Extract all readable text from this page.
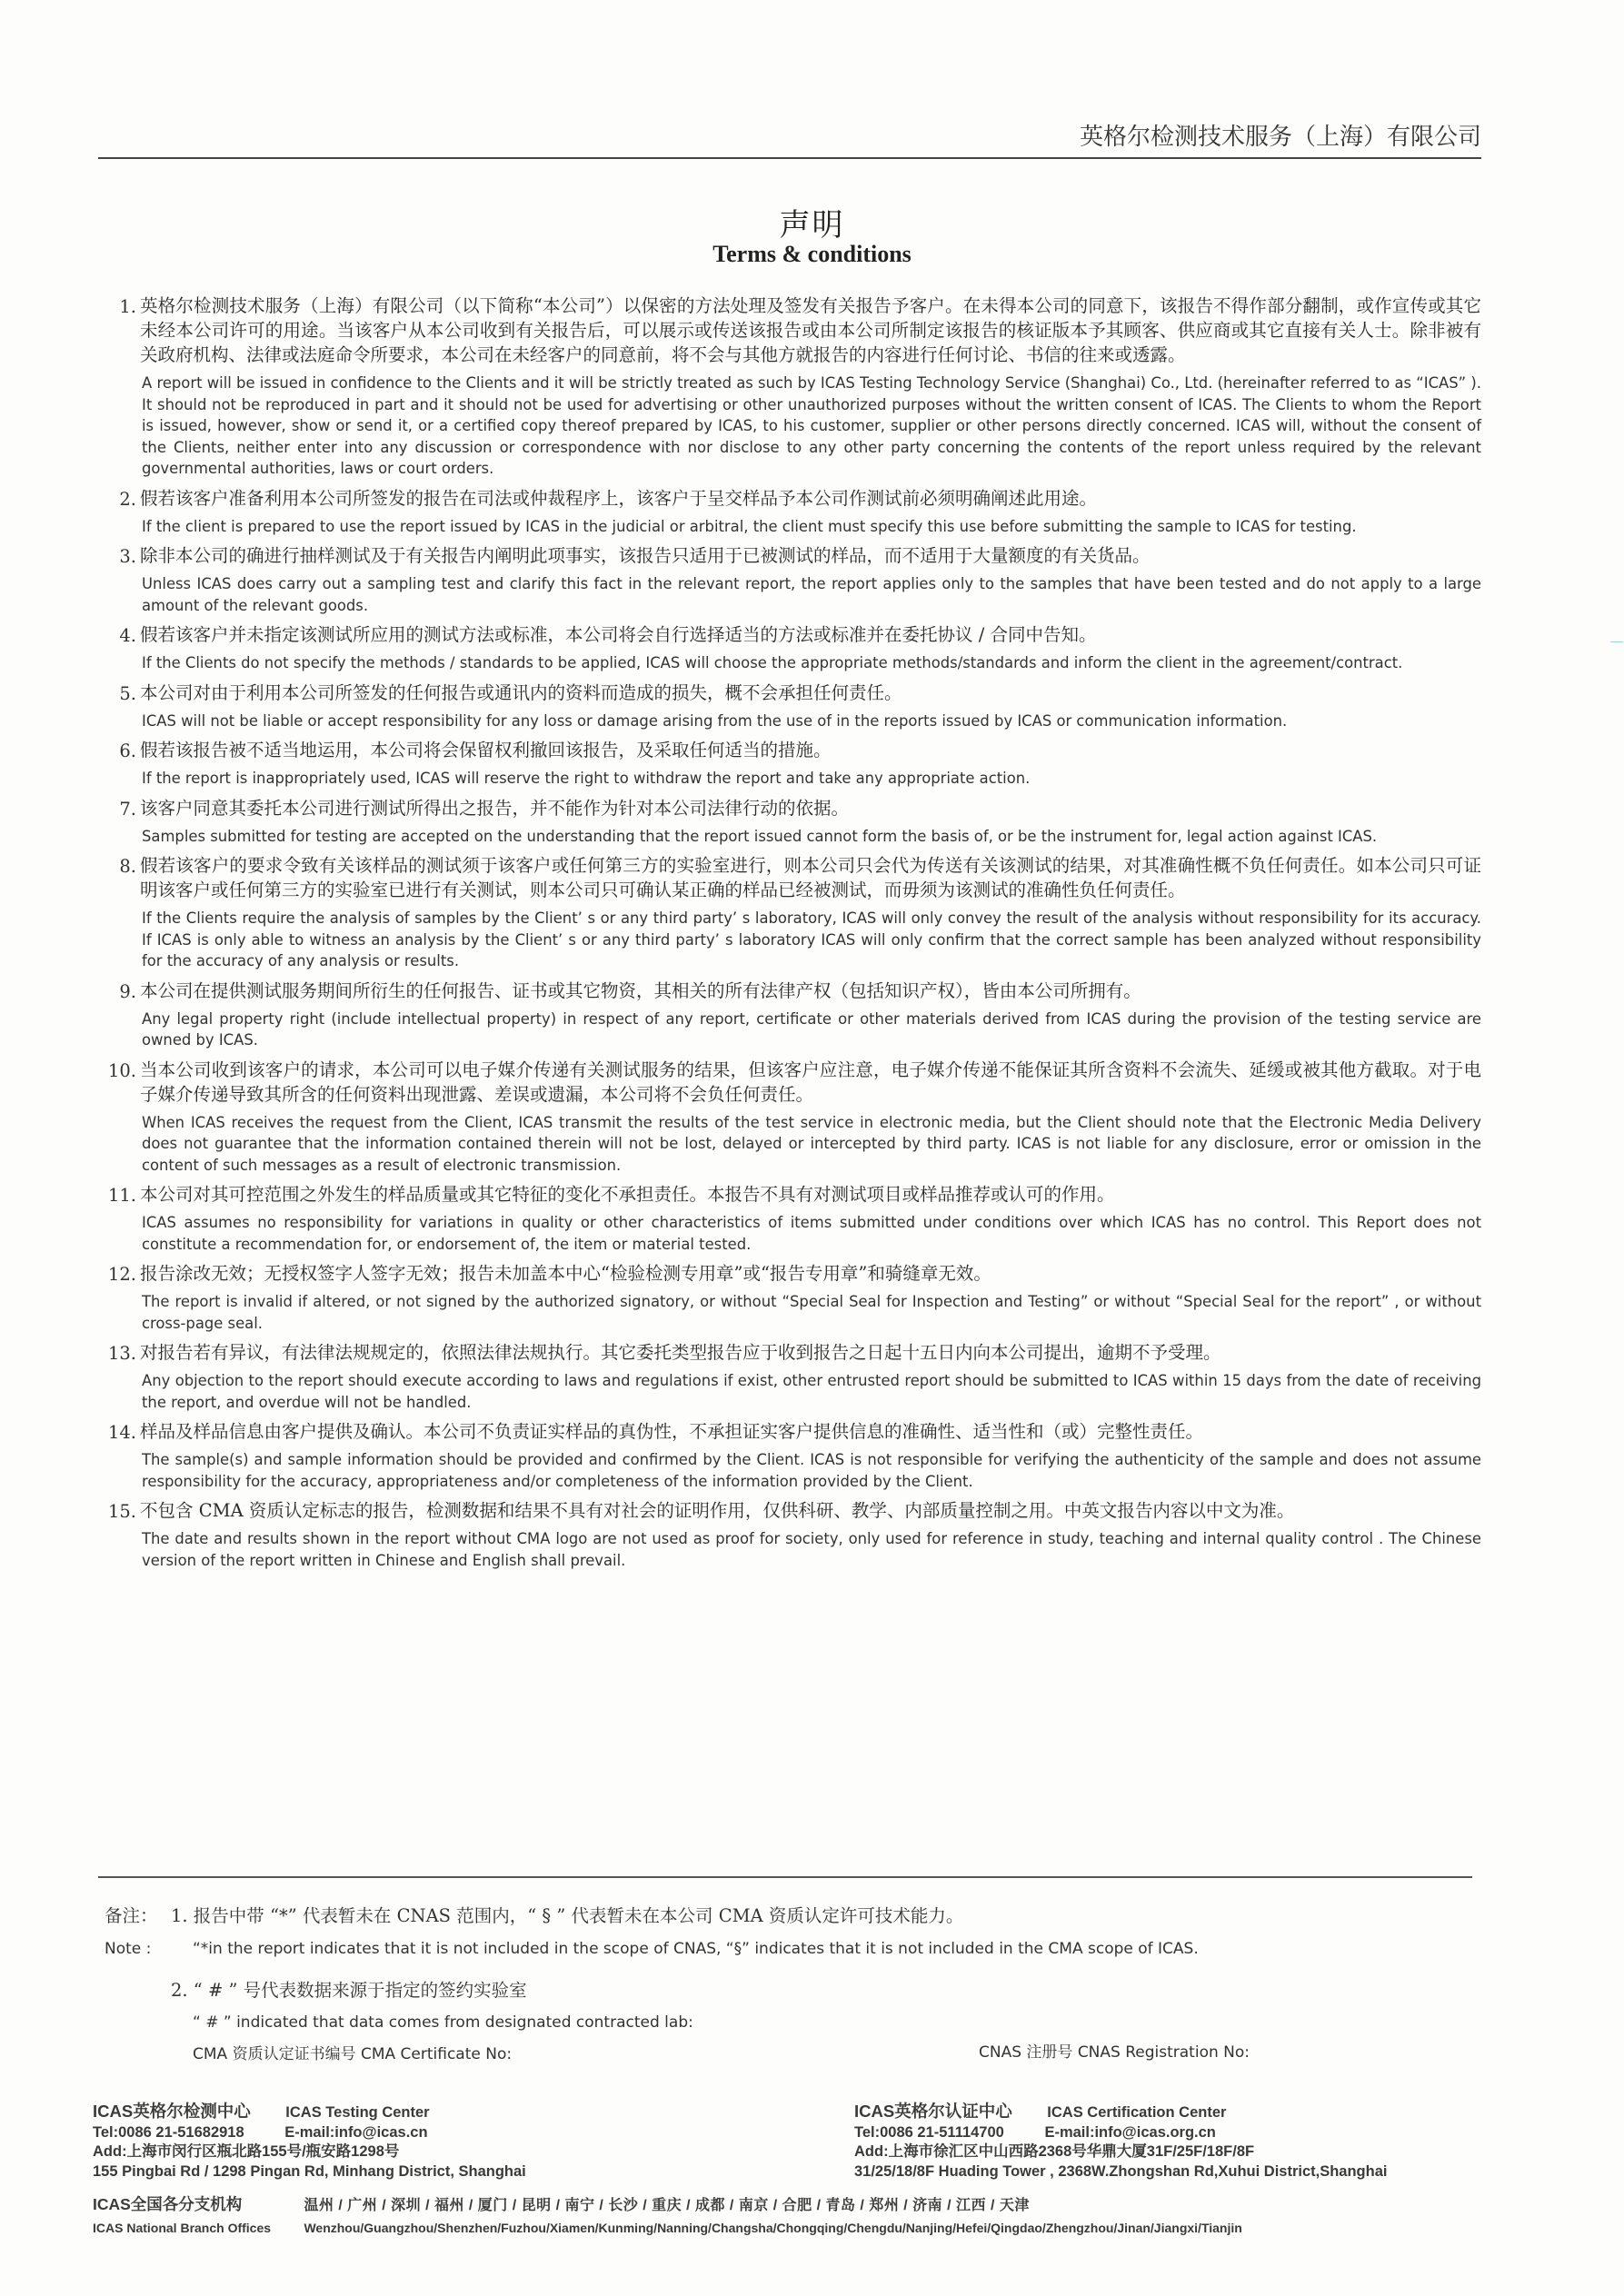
英格尔检测技术服务（上海）有限公司
声明
Terms & conditions
1. 英格尔检测技术服务（上海）有限公司（以下简称“本公司”）以保密的方法处理及签发有关报告予客户。在未得本公司的同意下，该报告不得作部分翻制，或作宣传或其它未经本公司许可的用途。当该客户从本公司收到有关报告后，可以展示或传送该报告或由本公司所制定该报告的核证版本予其顾客、供应商或其它直接有关人士。除非被有关政府机构、法律或法庭命令所要求，本公司在未经客户的同意前，将不会与其他方就报告的内容进行任何讨论、书信的往来或透露。
A report will be issued in confidence to the Clients and it will be strictly treated as such by ICAS Testing Technology Service (Shanghai) Co., Ltd. (hereinafter referred to as “ICAS” ). It should not be reproduced in part and it should not be used for advertising or other unauthorized purposes without the written consent of ICAS. The Clients to whom the Report is issued, however, show or send it, or a certified copy thereof prepared by ICAS, to his customer, supplier or other persons directly concerned. ICAS will, without the consent of the Clients, neither enter into any discussion or correspondence with nor disclose to any other party concerning the contents of the report unless required by the relevant governmental authorities, laws or court orders.
2. 假若该客户准备利用本公司所签发的报告在司法或仲裁程序上，该客户于呈交样品予本公司作测试前必须明确阐述此用途。
If the client is prepared to use the report issued by ICAS in the judicial or arbitral, the client must specify this use before submitting the sample to ICAS for testing.
3. 除非本公司的确进行抽样测试及于有关报告内阐明此项事实，该报告只适用于已被测试的样品，而不适用于大量额度的有关货品。
Unless ICAS does carry out a sampling test and clarify this fact in the relevant report, the report applies only to the samples that have been tested and do not apply to a large amount of the relevant goods.
4. 假若该客户并未指定该测试所应用的测试方法或标准，本公司将会自行选择适当的方法或标准并在委托协议 / 合同中告知。
If the Clients do not specify the methods / standards to be applied, ICAS will choose the appropriate methods/standards and inform the client in the agreement/contract.
5. 本公司对由于利用本公司所签发的任何报告或通讯内的资料而造成的损失，概不会承担任何责任。
ICAS will not be liable or accept responsibility for any loss or damage arising from the use of in the reports issued by ICAS or communication information.
6. 假若该报告被不适当地运用，本公司将会保留权利撤回该报告，及采取任何适当的措施。
If the report is inappropriately used, ICAS will reserve the right to withdraw the report and take any appropriate action.
7. 该客户同意其委托本公司进行测试所得出之报告，并不能作为针对本公司法律行动的依据。
Samples submitted for testing are accepted on the understanding that the report issued cannot form the basis of, or be the instrument for, legal action against ICAS.
8. 假若该客户的要求令致有关该样品的测试须于该客户或任何第三方的实验室进行，则本公司只会代为传送有关该测试的结果，对其准确性概不负任何责任。如本公司只可证明该客户或任何第三方的实验室已进行有关测试，则本公司只可确认某正确的样品已经被测试，而毋须为该测试的准确性负任何责任。
If the Clients require the analysis of samples by the Client’ s or any third party’ s laboratory, ICAS will only convey the result of the analysis without responsibility for its accuracy. If ICAS is only able to witness an analysis by the Client’ s or any third party’ s laboratory ICAS will only confirm that the correct sample has been analyzed without responsibility for the accuracy of any analysis or results.
9. 本公司在提供测试服务期间所衍生的任何报告、证书或其它物资，其相关的所有法律产权（包括知识产权），皆由本公司所拥有。
Any legal property right (include intellectual property) in respect of any report, certificate or other materials derived from ICAS during the provision of the testing service are owned by ICAS.
10. 当本公司收到该客户的请求，本公司可以电子媒介传递有关测试服务的结果，但该客户应注意，电子媒介传递不能保证其所含资料不会流失、延缓或被其他方截取。对于电子媒介传递导致其所含的任何资料出现泄露、差误或遗漏，本公司将不会负任何责任。
When ICAS receives the request from the Client, ICAS transmit the results of the test service in electronic media, but the Client should note that the Electronic Media Delivery does not guarantee that the information contained therein will not be lost, delayed or intercepted by third party. ICAS is not liable for any disclosure, error or omission in the content of such messages as a result of electronic transmission.
11. 本公司对其可控范围之外发生的样品质量或其它特征的变化不承担责任。本报告不具有对测试项目或样品推荐或认可的作用。
ICAS assumes no responsibility for variations in quality or other characteristics of items submitted under conditions over which ICAS has no control. This Report does not constitute a recommendation for, or endorsement of, the item or material tested.
12. 报告涂改无效；无授权签字人签字无效；报告未加盖本中心“检验检测专用章”或“报告专用章”和骑缝章无效。
The report is invalid if altered, or not signed by the authorized signatory, or without “Special Seal for Inspection and Testing” or without “Special Seal for the report” , or without cross-page seal.
13. 对报告若有异议，有法律法规规定的，依照法律法规执行。其它委托类型报告应于收到报告之日起十五日内向本公司提出，逾期不予受理。
Any objection to the report should execute according to laws and regulations if exist, other entrusted report should be submitted to ICAS within 15 days from the date of receiving the report, and overdue will not be handled.
14. 样品及样品信息由客户提供及确认。本公司不负责证实样品的真伪性，不承担证实客户提供信息的准确性、适当性和（或）完整性责任。
The sample(s) and sample information should be provided and confirmed by the Client. ICAS is not responsible for verifying the authenticity of the sample and does not assume responsibility for the accuracy, appropriateness and/or completeness of the information provided by the Client.
15. 不包含 CMA 资质认定标志的报告，检测数据和结果不具有对社会的证明作用，仅供科研、教学、内部质量控制之用。中英文报告内容以中文为准。
The date and results shown in the report without CMA logo are not used as proof for society, only used for reference in study, teaching and internal quality control . The Chinese version of the report written in Chinese and English shall prevail.
备注：
Note :
1. 报告中带 “*” 代表暂未在 CNAS 范围内，“ § ” 代表暂未在本公司 CMA 资质认定许可技术能力。
“*in the report indicates that it is not included in the scope of CNAS, “§” indicates that it is not included in the CMA scope of ICAS.
2. “ # ” 号代表数据来源于指定的签约实验室
“ # ” indicated that data comes from designated contracted lab:
CMA 资质认定证书编号 CMA Certificate No:	CNAS 注册号 CNAS Registration No:
ICAS英格尔检测中心 ICAS Testing Center
Tel:0086 21-51682918	E-mail:info@icas.cn
Add:上海市闵行区瓶北路155号/瓶安路1298号
155 Pingbai Rd / 1298 Pingan Rd, Minhang District, Shanghai
ICAS英格尔认证中心 ICAS Certification Center
Tel:0086 21-51114700	E-mail:info@icas.org.cn
Add:上海市徐汇区中山西路2368号华鼎大厦31F/25F/18F/8F
31/25/18/8F Huading Tower , 2368W.Zhongshan Rd,Xuhui District,Shanghai
ICAS全国各分支机构	温州 / 广州 / 深圳 / 福州 / 厦门 / 昆明 / 南宁 / 长沙 / 重庆 / 成都 / 南京 / 合肥 / 青岛 / 郑州 / 济南 / 江西 / 天津
ICAS National Branch Offices	Wenzhou/Guangzhou/Shenzhen/Fuzhou/Xiamen/Kunming/Nanning/Changsha/Chongqing/Chengdu/Nanjing/Hefei/Qingdao/Zhengzhou/Jinan/Jiangxi/Tianjin
